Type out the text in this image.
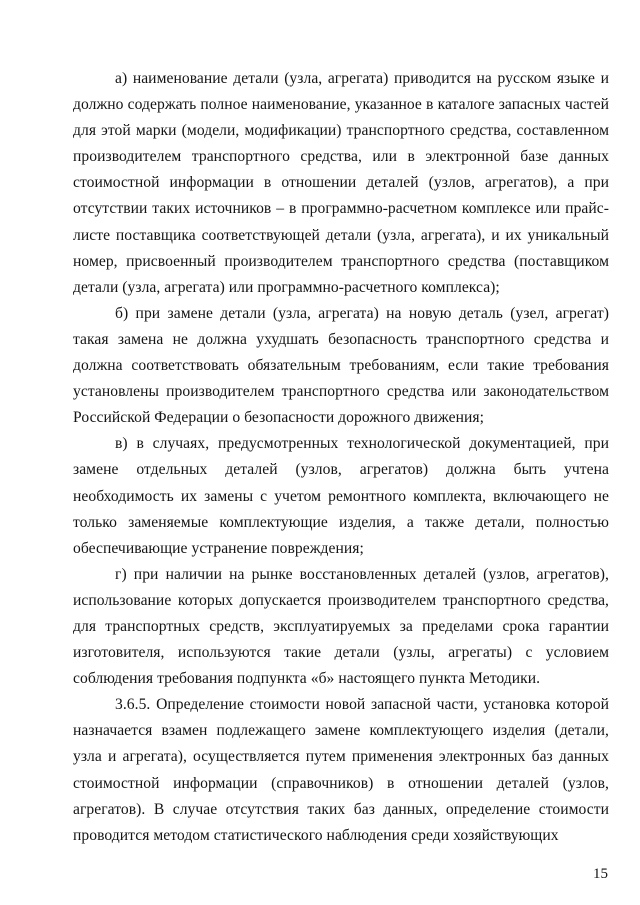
а) наименование детали (узла, агрегата) приводится на русском языке и должно содержать полное наименование, указанное в каталоге запасных частей для этой марки (модели, модификации) транспортного средства, составленном производителем транспортного средства, или в электронной базе данных стоимостной информации в отношении деталей (узлов, агрегатов), а при отсутствии таких источников – в программно-расчетном комплексе или прайс-листе поставщика соответствующей детали (узла, агрегата), и их уникальный номер, присвоенный производителем транспортного средства (поставщиком детали (узла, агрегата) или программно-расчетного комплекса);

б) при замене детали (узла, агрегата) на новую деталь (узел, агрегат) такая замена не должна ухудшать безопасность транспортного средства и должна соответствовать обязательным требованиям, если такие требования установлены производителем транспортного средства или законодательством Российской Федерации о безопасности дорожного движения;

в) в случаях, предусмотренных технологической документацией, при замене отдельных деталей (узлов, агрегатов) должна быть учтена необходимость их замены с учетом ремонтного комплекта, включающего не только заменяемые комплектующие изделия, а также детали, полностью обеспечивающие устранение повреждения;

г) при наличии на рынке восстановленных деталей (узлов, агрегатов), использование которых допускается производителем транспортного средства, для транспортных средств, эксплуатируемых за пределами срока гарантии изготовителя, используются такие детали (узлы, агрегаты) с условием соблюдения требования подпункта «б» настоящего пункта Методики.

3.6.5. Определение стоимости новой запасной части, установка которой назначается взамен подлежащего замене комплектующего изделия (детали, узла и агрегата), осуществляется путем применения электронных баз данных стоимостной информации (справочников) в отношении деталей (узлов, агрегатов). В случае отсутствия таких баз данных, определение стоимости проводится методом статистического наблюдения среди хозяйствующих

15
